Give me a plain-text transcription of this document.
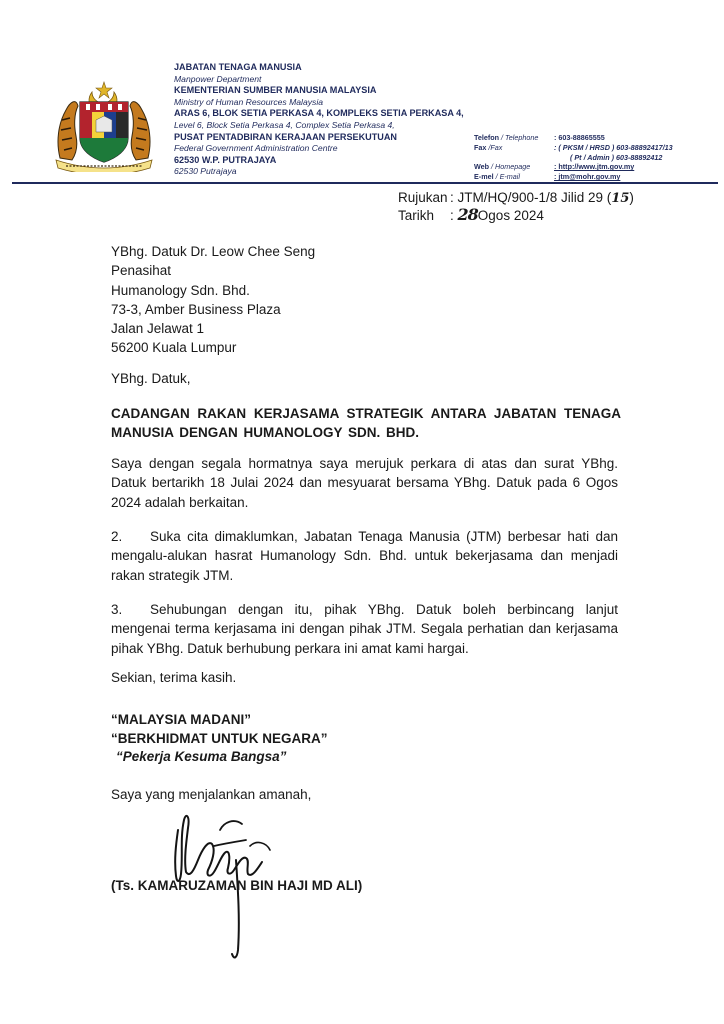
JABATAN TENAGA MANUSIA
Manpower Department
KEMENTERIAN SUMBER MANUSIA MALAYSIA
Ministry of Human Resources Malaysia
ARAS 6, BLOK SETIA PERKASA 4, KOMPLEKS SETIA PERKASA 4,
Level 6, Block Setia Perkasa 4, Complex Setia Perkasa 4,
PUSAT PENTADBIRAN KERAJAAN PERSEKUTUAN
Federal Government Administration Centre
62530 W.P. PUTRAJAYA
62530 Putrajaya
Telefon / Telephone : 603-88865555
Fax /Fax	: ( PKSM / HRSD ) 603-88892417/13
( Pt / Admin ) 603-88892412
Web / Homepage	: http://www.jtm.gov.my
E-mel / E-mail	: jtm@mohr.gov.my
Rujukan : JTM/HQ/900-1/8 Jilid 29 (15)
Tarikh : 28Ogos 2024
YBhg. Datuk Dr. Leow Chee Seng
Penasihat
Humanology Sdn. Bhd.
73-3, Amber Business Plaza
Jalan Jelawat 1
56200 Kuala Lumpur
YBhg. Datuk,
CADANGAN RAKAN KERJASAMA STRATEGIK ANTARA JABATAN TENAGA MANUSIA DENGAN HUMANOLOGY SDN. BHD.
Saya dengan segala hormatnya saya merujuk perkara di atas dan surat YBhg. Datuk bertarikh 18 Julai 2024 dan mesyuarat bersama YBhg. Datuk pada 6 Ogos 2024 adalah berkaitan.
2. Suka cita dimaklumkan, Jabatan Tenaga Manusia (JTM) berbesar hati dan mengalu-alukan hasrat Humanology Sdn. Bhd. untuk bekerjasama dan menjadi rakan strategik JTM.
3. Sehubungan dengan itu, pihak YBhg. Datuk boleh berbincang lanjut mengenai terma kerjasama ini dengan pihak JTM. Segala perhatian dan kerjasama pihak YBhg. Datuk berhubung perkara ini amat kami hargai.
Sekian, terima kasih.
“MALAYSIA MADANI”
“BERKHIDMAT UNTUK NEGARA”
“Pekerja Kesuma Bangsa”
Saya yang menjalankan amanah,
(Ts. KAMARUZAMAN BIN HAJI MD ALI)
